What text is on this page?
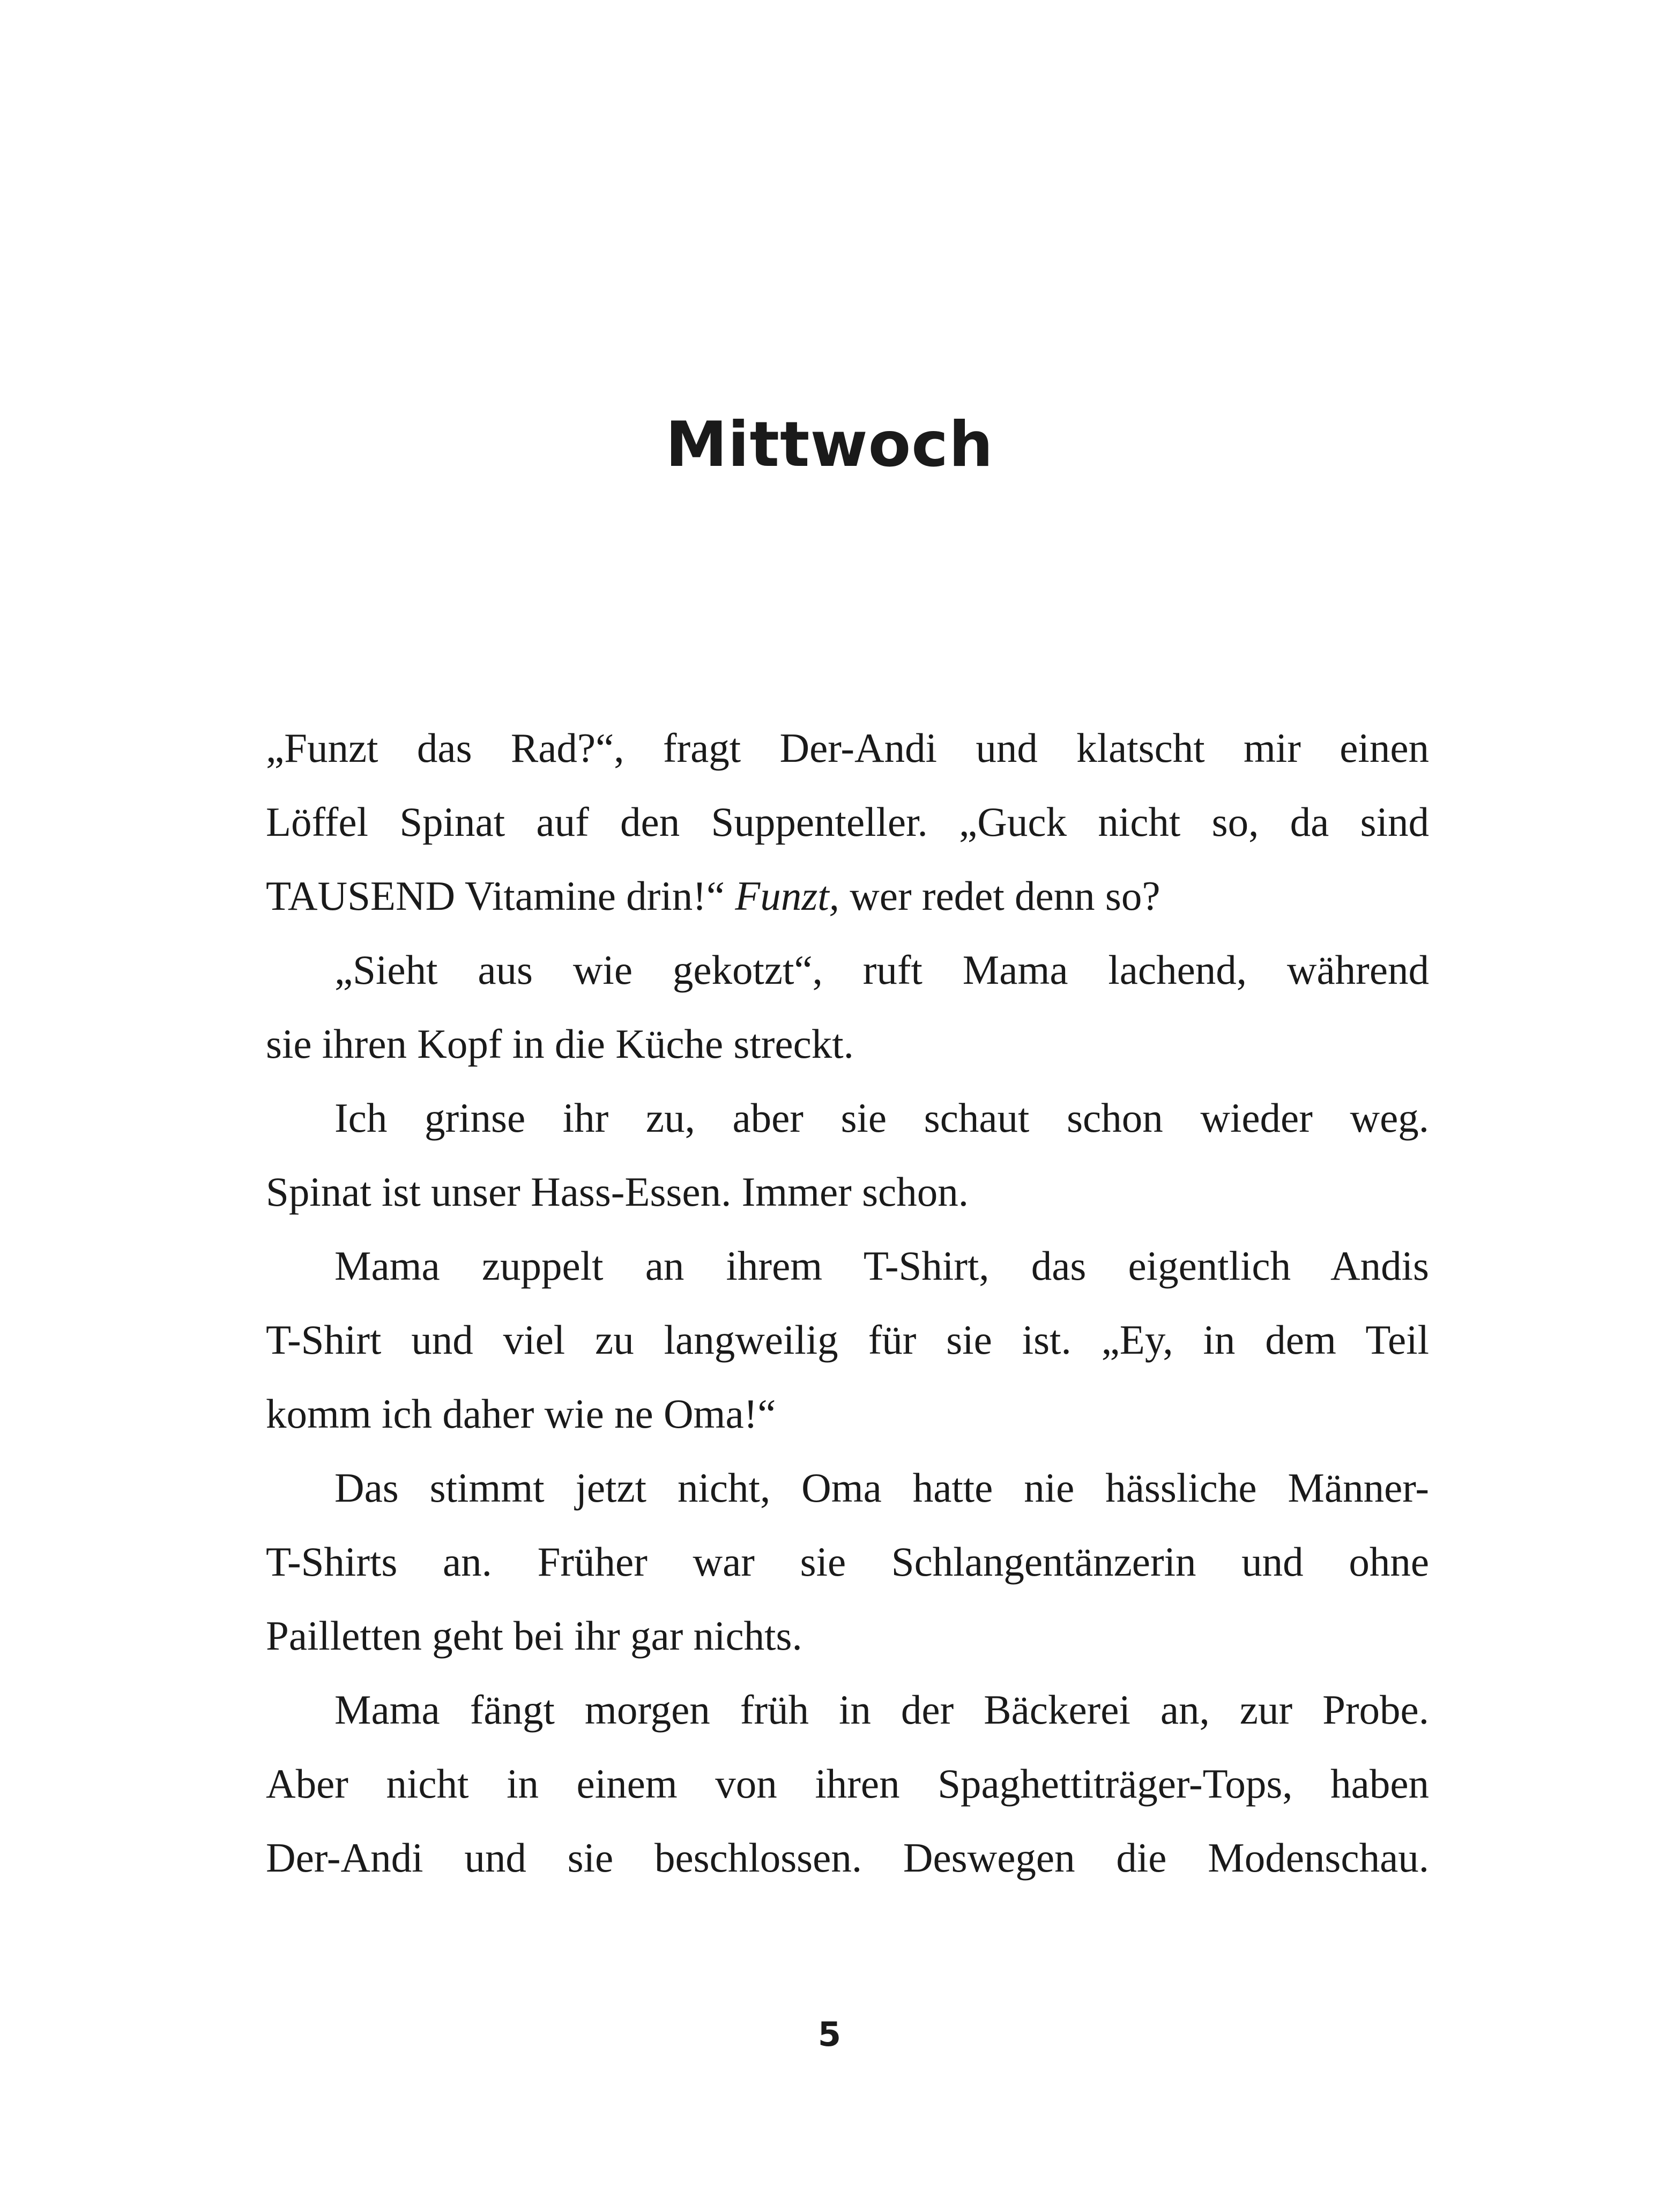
Mittwoch
„Funzt das Rad?“, fragt Der-Andi und klatscht mir einen
Löffel Spinat auf den Suppenteller. „Guck nicht so, da sind
TAUSEND Vitamine drin!“ Funzt, wer redet denn so?
„Sieht aus wie gekotzt“, ruft Mama lachend, während
sie ihren Kopf in die Küche streckt.
Ich grinse ihr zu, aber sie schaut schon wieder weg.
Spinat ist unser Hass-Essen. Immer schon.
Mama zuppelt an ihrem T-Shirt, das eigentlich Andis
T-Shirt und viel zu langweilig für sie ist. „Ey, in dem Teil
komm ich daher wie ne Oma!“
Das stimmt jetzt nicht, Oma hatte nie hässliche Männer-
T-Shirts an. Früher war sie Schlangentänzerin und ohne
Pailletten geht bei ihr gar nichts.
Mama fängt morgen früh in der Bäckerei an, zur Probe.
Aber nicht in einem von ihren Spaghettiträger-Tops, haben
Der-Andi und sie beschlossen. Deswegen die Modenschau.
5
